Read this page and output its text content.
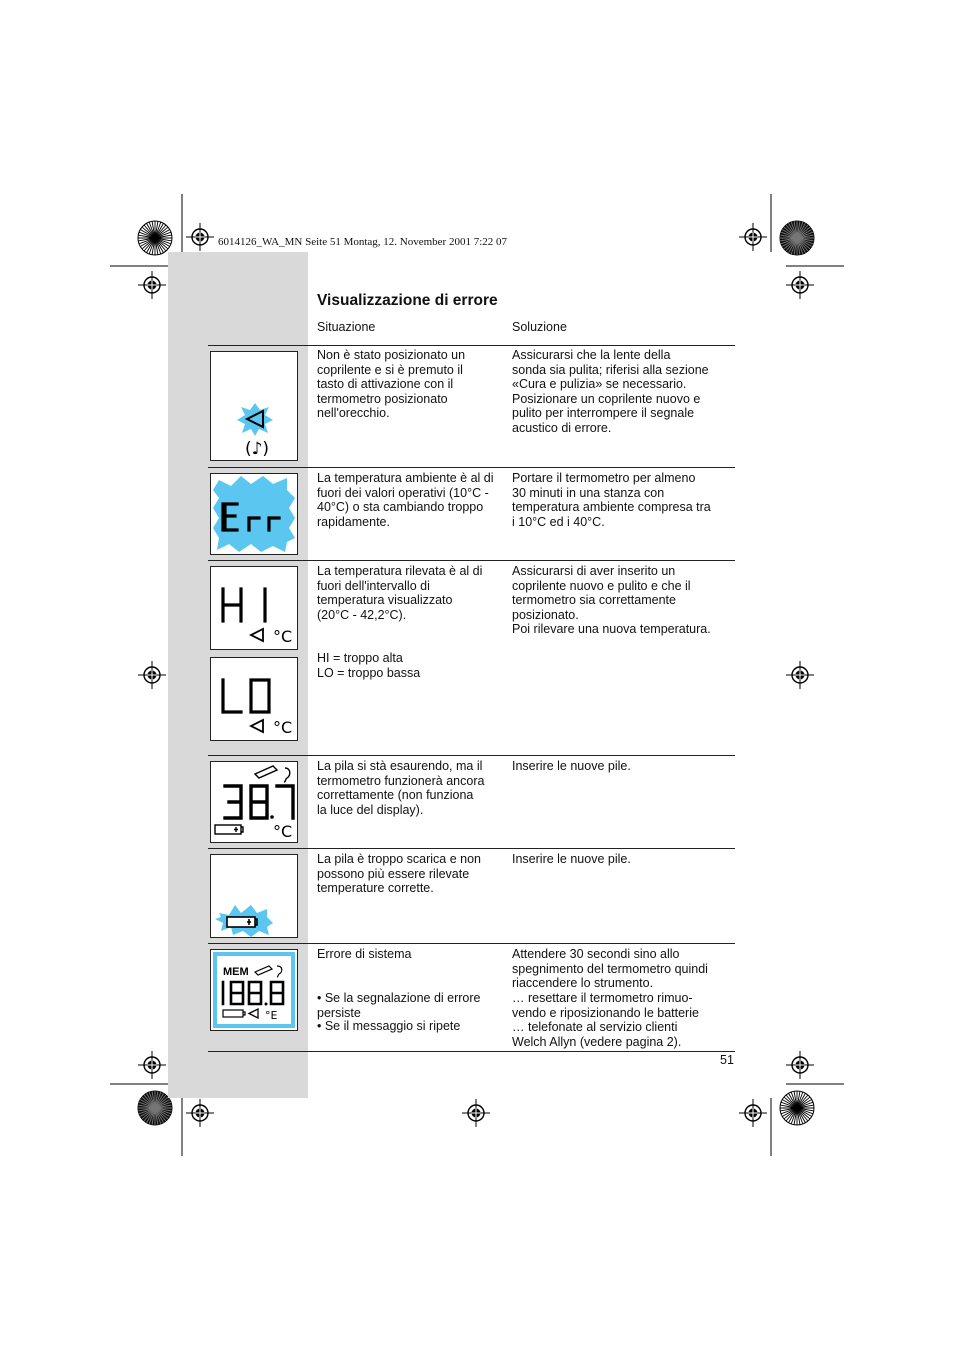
6014126_WA_MN Seite 51 Montag, 12. November 2001 7:22 07
Visualizzazione di errore
Situazione	Soluzione
(♪)
Non è stato posizionato un
coprilente e si è premuto il
tasto di attivazione con il
termometro posizionato
nell'orecchio.
Assicurarsi che la lente della
sonda sia pulita; riferisi alla sezione
«Cura e pulizia» se necessario.
Posizionare un coprilente nuovo e
pulito per interrompere il segnale
acustico di errore.
La temperatura ambiente è al di
fuori dei valori operativi (10°C -
40°C) o sta cambiando troppo
rapidamente.
Portare il termometro per almeno
30 minuti in una stanza con
temperatura ambiente compresa tra
i 10°C ed i 40°C.
°C
°C
La temperatura rilevata è al di
fuori dell'intervallo di
temperatura visualizzato
(20°C - 42,2°C).
HI = troppo alta
LO = troppo bassa
Assicurarsi di aver inserito un
coprilente nuovo e pulito e che il
termometro sia correttamente
posizionato.
Poi rilevare una nuova temperatura.
°C
La pila si stà esaurendo, ma il
termometro funzionerà ancora
correttamente (non funziona
la luce del display).
Inserire le nuove pile.
La pila è troppo scarica e non
possono più essere rilevate
temperature corrette.
Inserire le nuove pile.
MEM
°E
Errore di sistema
• Se la segnalazione di errore
persiste
• Se il messaggio si ripete
Attendere 30 secondi sino allo
spegnimento del termometro quindi
riaccendere lo strumento.
… resettare il termometro rimuo-
vendo e riposizionando le batterie
… telefonate al servizio clienti
Welch Allyn (vedere pagina 2).
51
